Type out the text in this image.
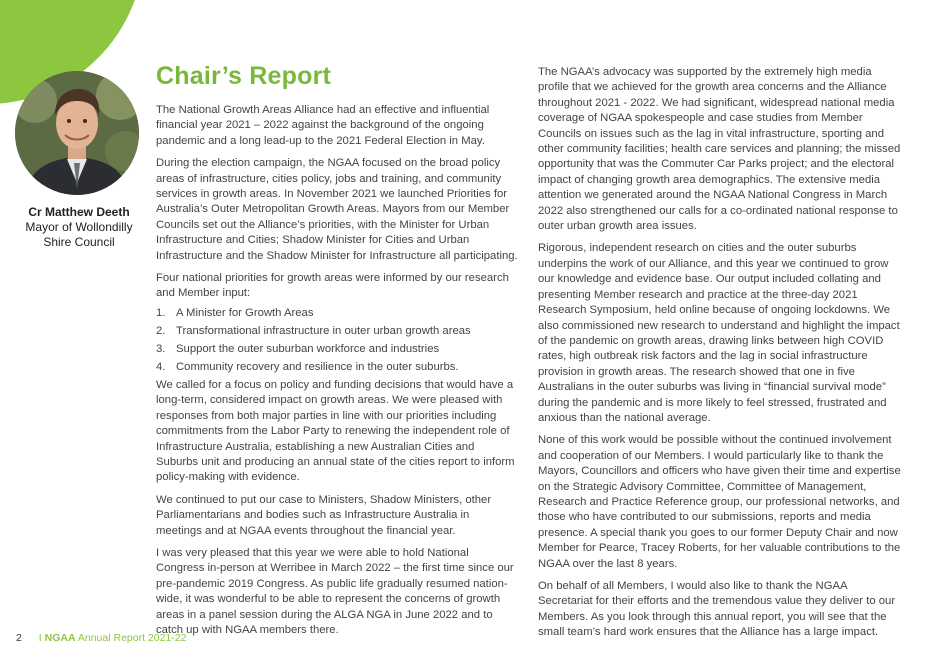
Cr Matthew Deeth
Mayor of Wollondilly
Shire Council
Chair’s Report

The National Growth Areas Alliance had an effective and influential financial year 2021 – 2022 against the background of the ongoing pandemic and a long lead-up to the 2021 Federal Election in May.

During the election campaign, the NGAA focused on the broad policy areas of infrastructure, cities policy, jobs and training, and community services in growth areas. In November 2021 we launched Priorities for Australia’s Outer Metropolitan Growth Areas. Mayors from our Member Councils set out the Alliance’s priorities, with the Minister for Urban Infrastructure and Cities; Shadow Minister for Cities and Urban Infrastructure and the Shadow Minister for Infrastructure all participating.

Four national priorities for growth areas were informed by our research and Member input:

1. A Minister for Growth Areas
2. Transformational infrastructure in outer urban growth areas
3. Support the outer suburban workforce and industries
4. Community recovery and resilience in the outer suburbs.

We called for a focus on policy and funding decisions that would have a long-term, considered impact on growth areas. We were pleased with responses from both major parties in line with our priorities including commitments from the Labor Party to renewing the independent role of Infrastructure Australia, establishing a new Australian Cities and Suburbs unit and producing an annual state of the cities report to inform policy-making with evidence.

We continued to put our case to Ministers, Shadow Ministers, other Parliamentarians and bodies such as Infrastructure Australia in meetings and at NGAA events throughout the financial year.

I was very pleased that this year we were able to hold National Congress in-person at Werribee in March 2022 – the first time since our pre-pandemic 2019 Congress. As public life gradually resumed nation-wide, it was wonderful to be able to represent the concerns of growth areas in a panel session during the ALGA NGA in June 2022 and to catch up with NGAA members there.

The NGAA’s advocacy was supported by the extremely high media profile that we achieved for the growth area concerns and the Alliance throughout 2021 - 2022. We had significant, widespread national media coverage of NGAA spokespeople and case studies from Member Councils on issues such as the lag in vital infrastructure, sporting and other community facilities; health care services and planning; the missed opportunity that was the Commuter Car Parks project; and the electoral impact of changing growth area demographics. The extensive media attention we generated around the NGAA National Congress in March 2022 also strengthened our calls for a co-ordinated national response to outer urban growth area issues.

Rigorous, independent research on cities and the outer suburbs underpins the work of our Alliance, and this year we continued to grow our knowledge and evidence base. Our output included collating and presenting Member research and practice at the three-day 2021 Research Symposium, held online because of ongoing lockdowns. We also commissioned new research to understand and highlight the impact of the pandemic on growth areas, drawing links between high COVID rates, high outbreak risk factors and the lag in social infrastructure provision in growth areas. The research showed that one in five Australians in the outer suburbs was living in “financial survival mode” during the pandemic and is more likely to feel stressed, frustrated and anxious than the national average.

None of this work would be possible without the continued involvement and cooperation of our Members. I would particularly like to thank the Mayors, Councillors and officers who have given their time and expertise on the Strategic Advisory Committee, Committee of Management, Research and Practice Reference group, our professional networks, and those who have contributed to our submissions, reports and media presence. A special thank you goes to our former Deputy Chair and now Member for Pearce, Tracey Roberts, for her valuable contributions to the NGAA over the last 8 years.

On behalf of all Members, I would also like to thank the NGAA Secretariat for their efforts and the tremendous value they deliver to our Members. As you look through this annual report, you will see that the small team’s hard work ensures that the Alliance has a large impact.

2 I NGAA Annual Report 2021-22
